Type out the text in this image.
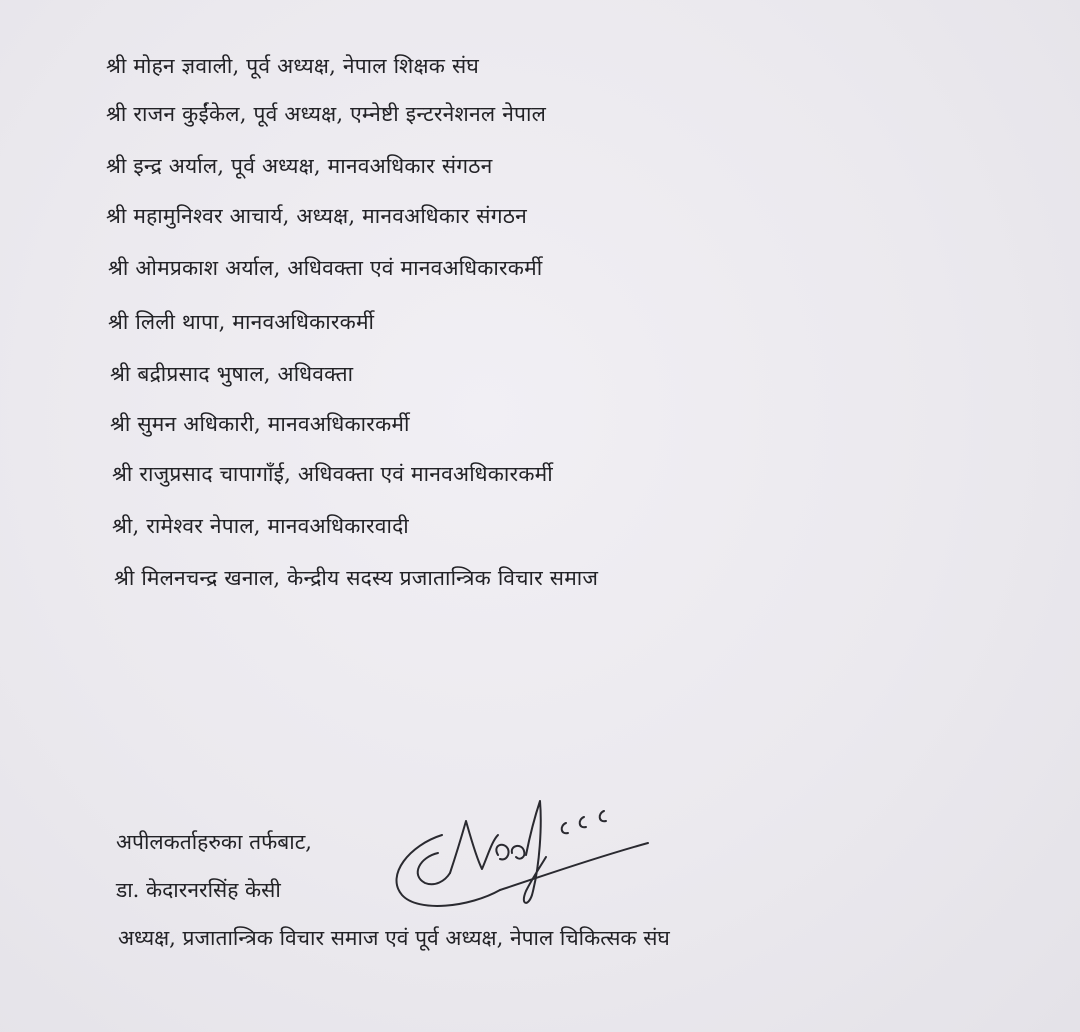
श्री मोहन ज्ञवाली, पूर्व अध्यक्ष, नेपाल शिक्षक संघ
श्री राजन कुईंकेल, पूर्व अध्यक्ष, एम्नेष्टी इन्टरनेशनल नेपाल
श्री इन्द्र अर्याल, पूर्व अध्यक्ष, मानवअधिकार संगठन
श्री महामुनिश्वर आचार्य, अध्यक्ष, मानवअधिकार संगठन
श्री ओमप्रकाश अर्याल, अधिवक्ता एवं मानवअधिकारकर्मी
श्री लिली थापा, मानवअधिकारकर्मी
श्री बद्रीप्रसाद भुषाल, अधिवक्ता
श्री सुमन अधिकारी, मानवअधिकारकर्मी
श्री राजुप्रसाद चापागाँई, अधिवक्ता एवं मानवअधिकारकर्मी
श्री, रामेश्वर नेपाल, मानवअधिकारवादी
श्री मिलनचन्द्र खनाल, केन्द्रीय सदस्य प्रजातान्त्रिक विचार समाज
अपीलकर्ताहरुका तर्फबाट,
डा. केदारनरसिंह केसी
अध्यक्ष, प्रजातान्त्रिक विचार समाज एवं पूर्व अध्यक्ष, नेपाल चिकित्सक संघ
